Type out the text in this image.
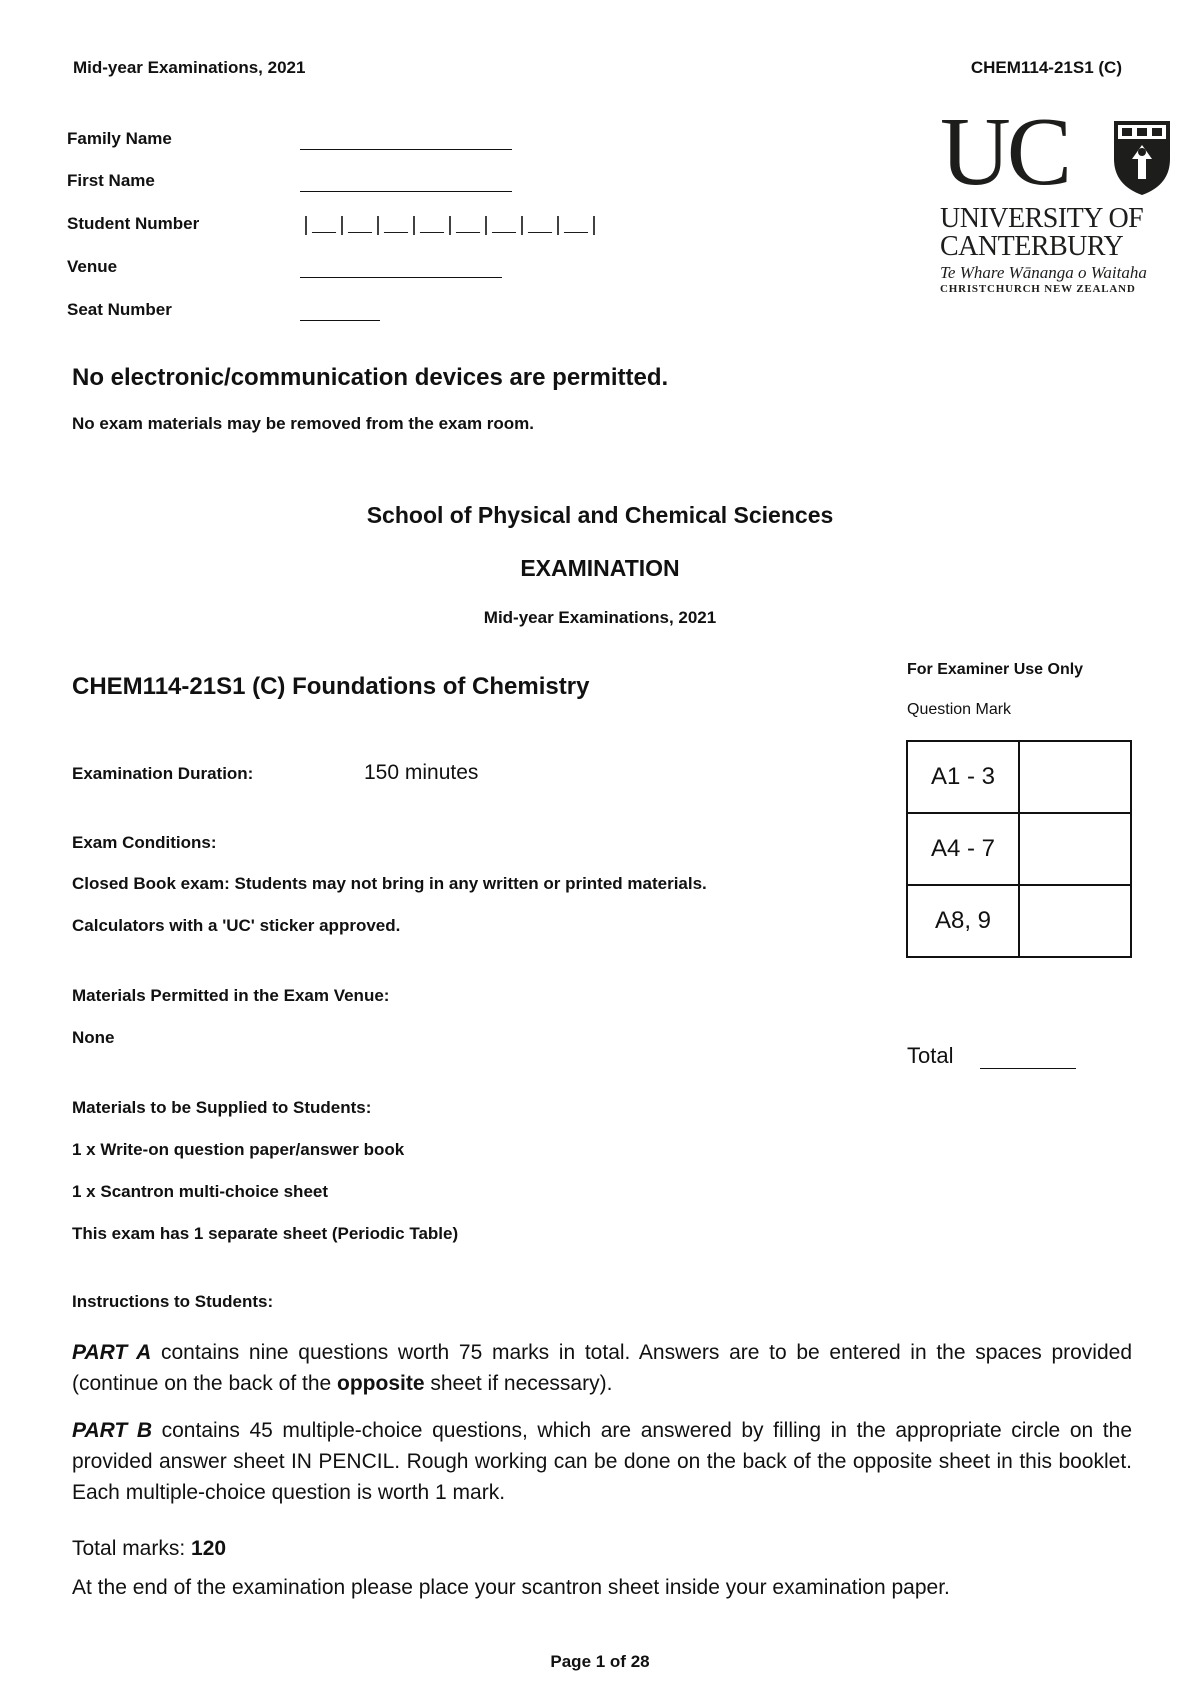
Mid-year Examinations, 2021	CHEM114-21S1 (C)
Family Name
First Name
Student Number	|__|__|__|__|__|__|__|__|
Venue
Seat Number
UC
UNIVERSITY OF
CANTERBURY
Te Whare Wānanga o Waitaha
CHRISTCHURCH NEW ZEALAND
No electronic/communication devices are permitted.
No exam materials may be removed from the exam room.
School of Physical and Chemical Sciences
EXAMINATION
Mid-year Examinations, 2021
CHEM114-21S1 (C) Foundations of Chemistry
Examination Duration:	150 minutes
Exam Conditions:
Closed Book exam: Students may not bring in any written or printed materials.
Calculators with a 'UC' sticker approved.
Materials Permitted in the Exam Venue:
None
Materials to be Supplied to Students:
1 x Write-on question paper/answer book
1 x Scantron multi-choice sheet
This exam has 1 separate sheet (Periodic Table)
For Examiner Use Only
Question Mark
A1 - 3	
A4 - 7	
A8, 9	
Total
Instructions to Students:
PART A contains nine questions worth 75 marks in total. Answers are to be entered in the spaces provided (continue on the back of the opposite sheet if necessary).
PART B contains 45 multiple-choice questions, which are answered by filling in the appropriate circle on the provided answer sheet IN PENCIL. Rough working can be done on the back of the opposite sheet in this booklet. Each multiple-choice question is worth 1 mark.
Total marks: 120
At the end of the examination please place your scantron sheet inside your examination paper.
Page 1 of 28
